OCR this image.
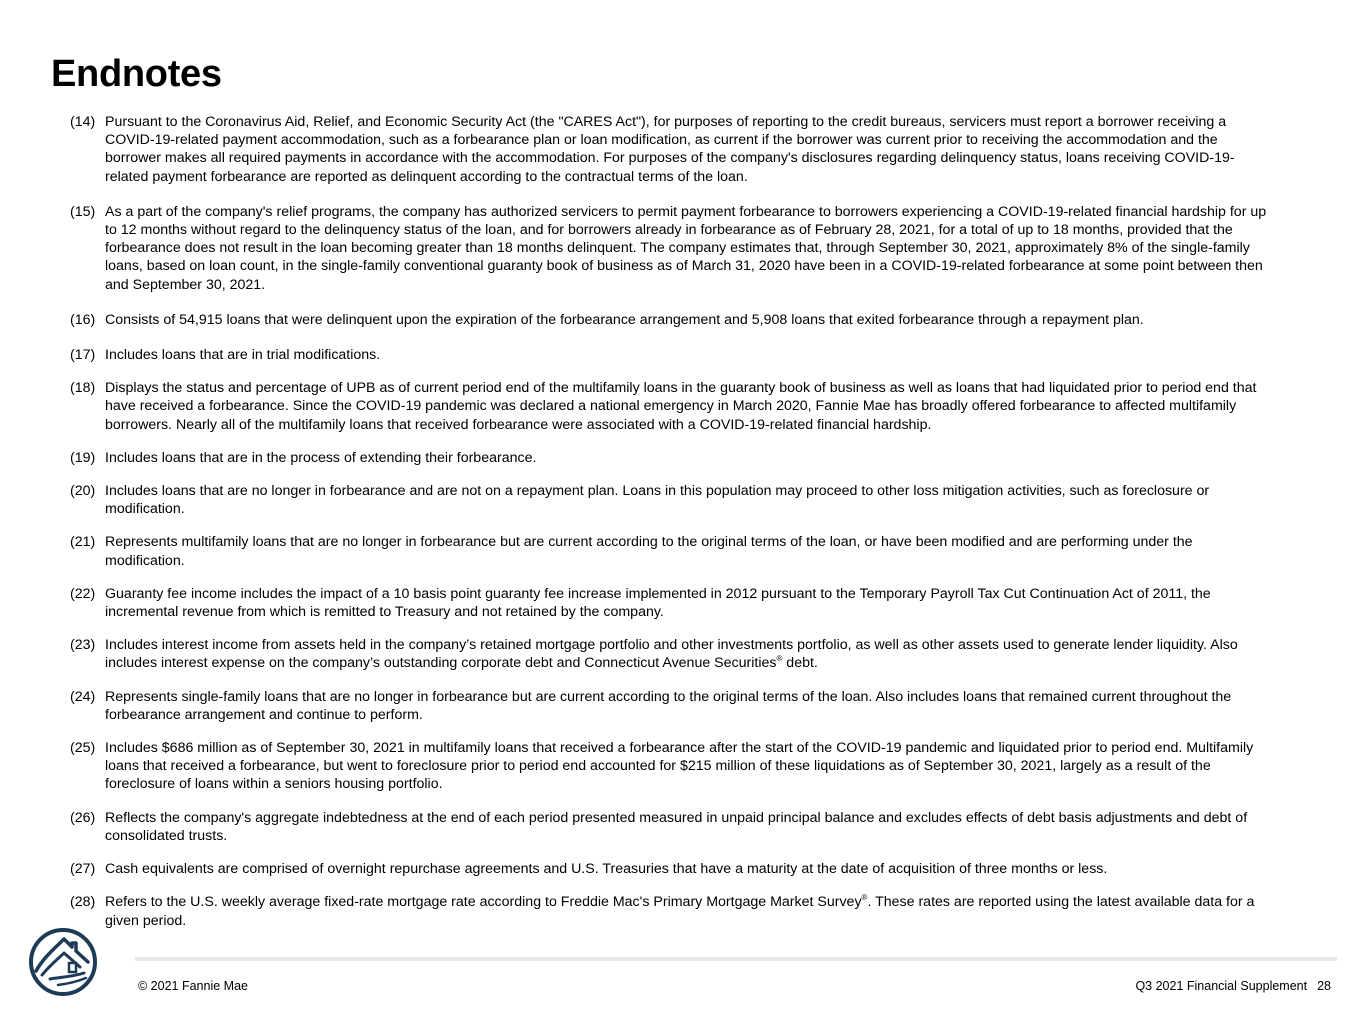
Endnotes
(14) Pursuant to the Coronavirus Aid, Relief, and Economic Security Act (the "CARES Act"), for purposes of reporting to the credit bureaus, servicers must report a borrower receiving a COVID-19-related payment accommodation, such as a forbearance plan or loan modification, as current if the borrower was current prior to receiving the accommodation and the borrower makes all required payments in accordance with the accommodation. For purposes of the company's disclosures regarding delinquency status, loans receiving COVID-19-related payment forbearance are reported as delinquent according to the contractual terms of the loan.
(15) As a part of the company's relief programs, the company has authorized servicers to permit payment forbearance to borrowers experiencing a COVID-19-related financial hardship for up to 12 months without regard to the delinquency status of the loan, and for borrowers already in forbearance as of February 28, 2021, for a total of up to 18 months, provided that the forbearance does not result in the loan becoming greater than 18 months delinquent. The company estimates that, through September 30, 2021, approximately 8% of the single-family loans, based on loan count, in the single-family conventional guaranty book of business as of March 31, 2020 have been in a COVID-19-related forbearance at some point between then and September 30, 2021.
(16) Consists of 54,915 loans that were delinquent upon the expiration of the forbearance arrangement and 5,908 loans that exited forbearance through a repayment plan.
(17) Includes loans that are in trial modifications.
(18) Displays the status and percentage of UPB as of current period end of the multifamily loans in the guaranty book of business as well as loans that had liquidated prior to period end that have received a forbearance. Since the COVID-19 pandemic was declared a national emergency in March 2020, Fannie Mae has broadly offered forbearance to affected multifamily borrowers. Nearly all of the multifamily loans that received forbearance were associated with a COVID-19-related financial hardship.
(19) Includes loans that are in the process of extending their forbearance.
(20) Includes loans that are no longer in forbearance and are not on a repayment plan. Loans in this population may proceed to other loss mitigation activities, such as foreclosure or modification.
(21) Represents multifamily loans that are no longer in forbearance but are current according to the original terms of the loan, or have been modified and are performing under the modification.
(22) Guaranty fee income includes the impact of a 10 basis point guaranty fee increase implemented in 2012 pursuant to the Temporary Payroll Tax Cut Continuation Act of 2011, the incremental revenue from which is remitted to Treasury and not retained by the company.
(23) Includes interest income from assets held in the company’s retained mortgage portfolio and other investments portfolio, as well as other assets used to generate lender liquidity. Also includes interest expense on the company’s outstanding corporate debt and Connecticut Avenue Securities® debt.
(24) Represents single-family loans that are no longer in forbearance but are current according to the original terms of the loan. Also includes loans that remained current throughout the forbearance arrangement and continue to perform.
(25) Includes $686 million as of September 30, 2021 in multifamily loans that received a forbearance after the start of the COVID-19 pandemic and liquidated prior to period end. Multifamily loans that received a forbearance, but went to foreclosure prior to period end accounted for $215 million of these liquidations as of September 30, 2021, largely as a result of the foreclosure of loans within a seniors housing portfolio.
(26) Reflects the company's aggregate indebtedness at the end of each period presented measured in unpaid principal balance and excludes effects of debt basis adjustments and debt of consolidated trusts.
(27) Cash equivalents are comprised of overnight repurchase agreements and U.S. Treasuries that have a maturity at the date of acquisition of three months or less.
(28) Refers to the U.S. weekly average fixed-rate mortgage rate according to Freddie Mac's Primary Mortgage Market Survey®. These rates are reported using the latest available data for a given period.
© 2021 Fannie Mae	Q3 2021 Financial Supplement 28
